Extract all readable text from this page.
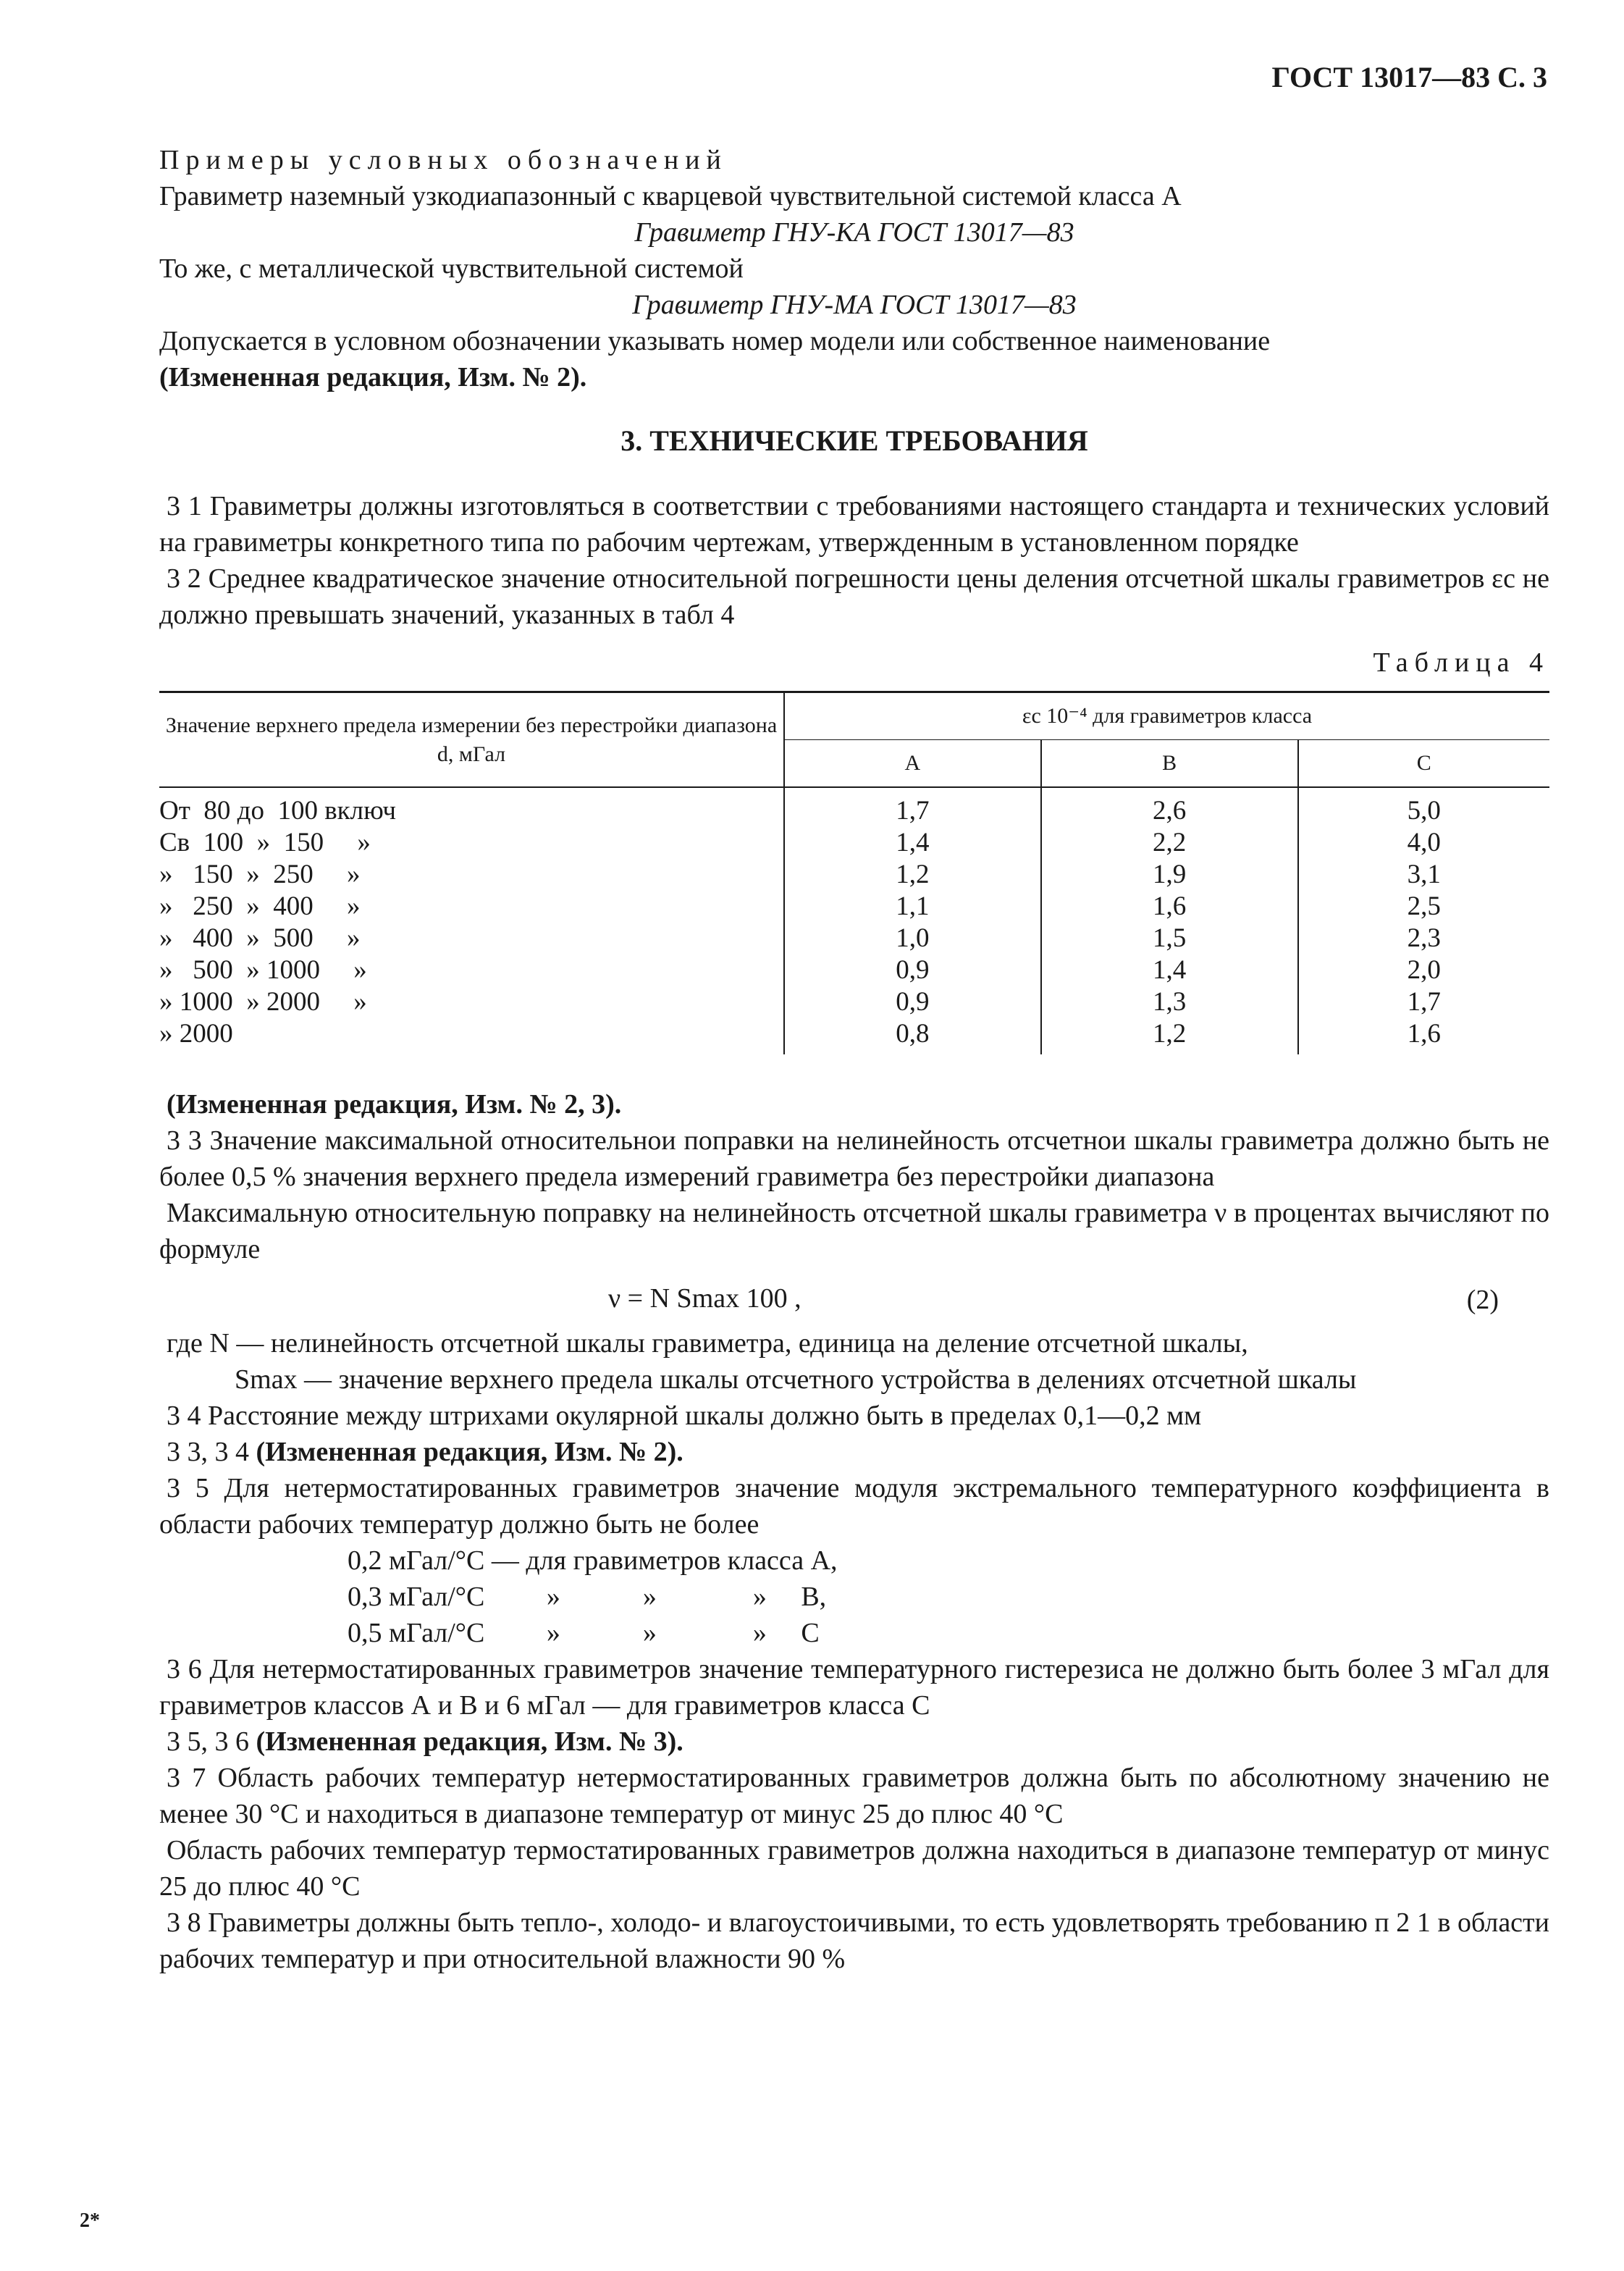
ГОСТ 13017—83 С. 3
Примеры условных обозначений
Гравиметр наземный узкодиапазонный с кварцевой чувствительной системой класса А
Гравиметр ГНУ-КА ГОСТ 13017—83
То же, с металлической чувствительной системой
Гравиметр ГНУ-МА ГОСТ 13017—83
Допускается в условном обозначении указывать номер модели или собственное наименование
(Измененная редакция, Изм. № 2).
3. ТЕХНИЧЕСКИЕ ТРЕБОВАНИЯ
3 1 Гравиметры должны изготовляться в соответствии с требованиями настоящего стандарта и технических условий на гравиметры конкретного типа по рабочим чертежам, утвержденным в установленном порядке
3 2 Среднее квадратическое значение относительной погрешности цены деления отсчетной шкалы гравиметров εс не должно превышать значений, указанных в табл 4
Таблица 4
Значение верхнего предела измерении без перестройки диапазона d, мГал	εс 10⁻⁴ для гравиметров класса		
	А	В	С
От  80 до  100 включ	1,7	2,6	5,0
Св  100  »  150     »	1,4	2,2	4,0
»   150  »  250     »	1,2	1,9	3,1
»   250  »  400     »	1,1	1,6	2,5
»   400  »  500     »	1,0	1,5	2,3
»   500  » 1000     »	0,9	1,4	2,0
» 1000  » 2000     »	0,9	1,3	1,7
» 2000	0,8	1,2	1,6
(Измененная редакция, Изм. № 2, 3).
3 3 Значение максимальной относительнои поправки на нелинейность отсчетнои шкалы гравиметра должно быть не более 0,5 % значения верхнего предела измерений гравиметра без перестройки диапазона
Максимальную относительную поправку на нелинейность отсчетной шкалы гравиметра ν в процентах вычисляют по формуле
ν = N Smax 100 ,	(2)
где N — нелинейность отсчетной шкалы гравиметра, единица на деление отсчетной шкалы,
Smax — значение верхнего предела шкалы отсчетного устройства в делениях отсчетной шкалы
3 4 Расстояние между штрихами окулярной шкалы должно быть в пределах 0,1—0,2 мм
3 3, 3 4 (Измененная редакция, Изм. № 2).
3 5 Для нетермостатированных гравиметров значение модуля экстремального температурного коэффициента в области рабочих температур должно быть не более
0,2 мГал/°С — для гравиметров класса А,
0,3 мГал/°С         »            »              »     В,
0,5 мГал/°С         »            »              »     С
3 6 Для нетермостатированных гравиметров значение температурного гистерезиса не должно быть более 3 мГал для гравиметров классов А и В и 6 мГал — для гравиметров класса С
3 5, 3 6 (Измененная редакция, Изм. № 3).
3 7 Область рабочих температур нетермостатированных гравиметров должна быть по абсолютному значению не менее 30 °С и находиться в диапазоне температур от минус 25 до плюс 40 °С
Область рабочих температур термостатированных гравиметров должна находиться в диапазоне температур от минус 25 до плюс 40 °С
3 8 Гравиметры должны быть тепло-, холодо- и влагоустоичивыми, то есть удовлетворять требованию п 2 1 в области рабочих температур и при относительной влажности 90 %
2*
